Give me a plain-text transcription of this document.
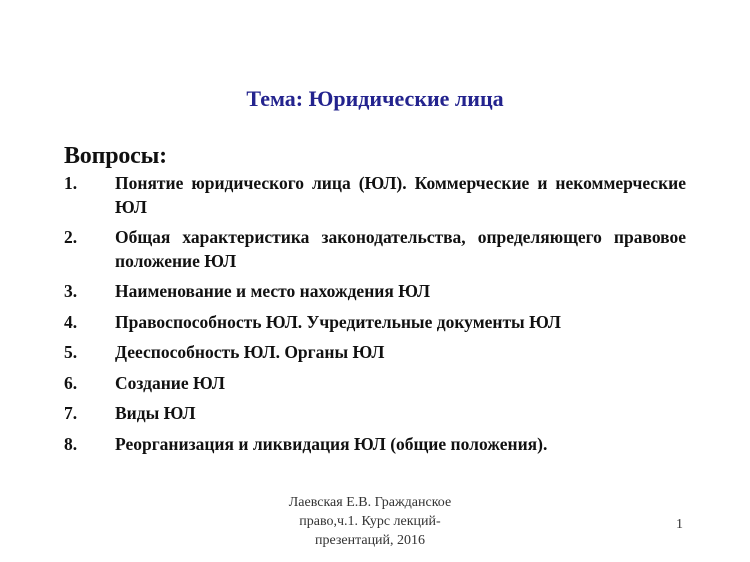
Тема: Юридические лица
Вопросы:
1.	Понятие юридического лица (ЮЛ). Коммерческие и некоммерческие ЮЛ
2.	Общая характеристика законодательства, определяющего правовое положение ЮЛ
3.	Наименование и место нахождения ЮЛ
4.	Правоспособность ЮЛ. Учредительные документы ЮЛ
5.	Дееспособность ЮЛ. Органы ЮЛ
6.	Создание ЮЛ
7.	Виды ЮЛ
8.	Реорганизация и ликвидация ЮЛ (общие положения).
Лаевская Е.В. Гражданское
право,ч.1. Курс лекций-
презентаций, 2016
1
